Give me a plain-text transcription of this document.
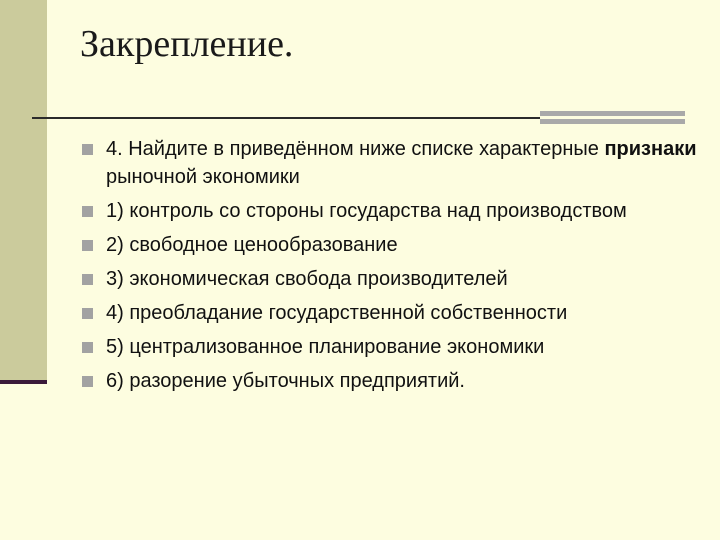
Закрепление.
4. Найдите в приведённом ниже списке характерные признаки рыночной экономики
1) контроль со стороны государства над производством
2) свободное ценообразование
3) экономическая свобода производителей
4) преобладание государственной собственности
5) централизованное планирование экономики
6) разорение убыточных предприятий.
